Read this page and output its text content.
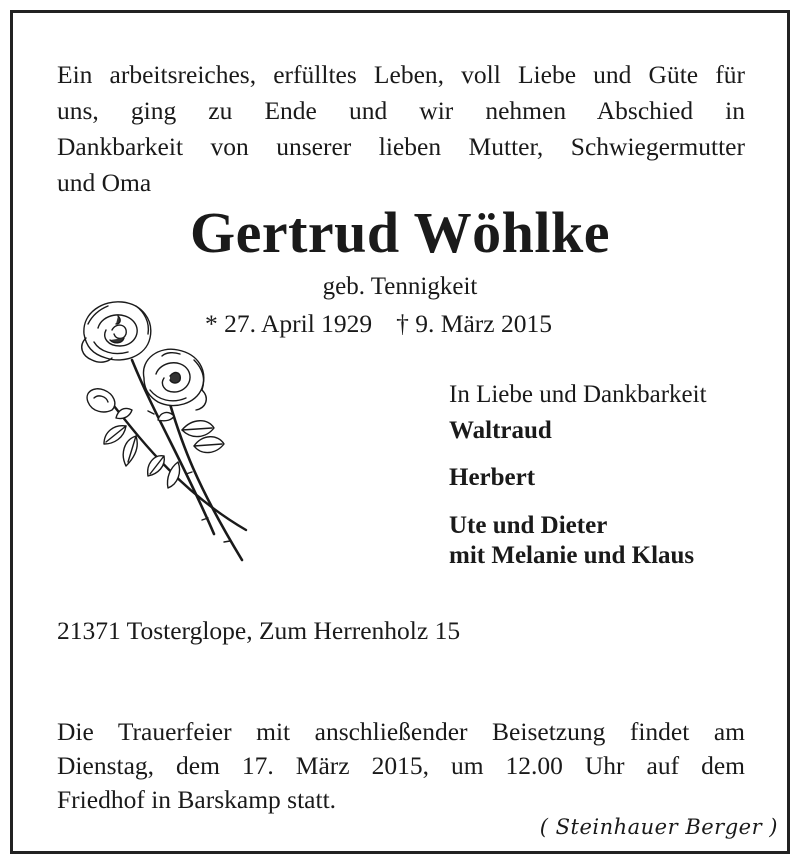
Ein arbeitsreiches, erfülltes Leben, voll Liebe und Güte für
uns, ging zu Ende und wir nehmen Abschied in
Dankbarkeit von unserer lieben Mutter, Schwiegermutter
und Oma
Gertrud Wöhlke
geb. Tennigkeit
* 27. April 1929 † 9. März 2015
In Liebe und Dankbarkeit
Waltraud
Herbert
Ute und Dieter
mit Melanie und Klaus
21371 Tosterglope, Zum Herrenholz 15
Die Trauerfeier mit anschließender Beisetzung findet am
Dienstag, dem 17. März 2015, um 12.00 Uhr auf dem
Friedhof in Barskamp statt.
( Steinhauer Berger )
